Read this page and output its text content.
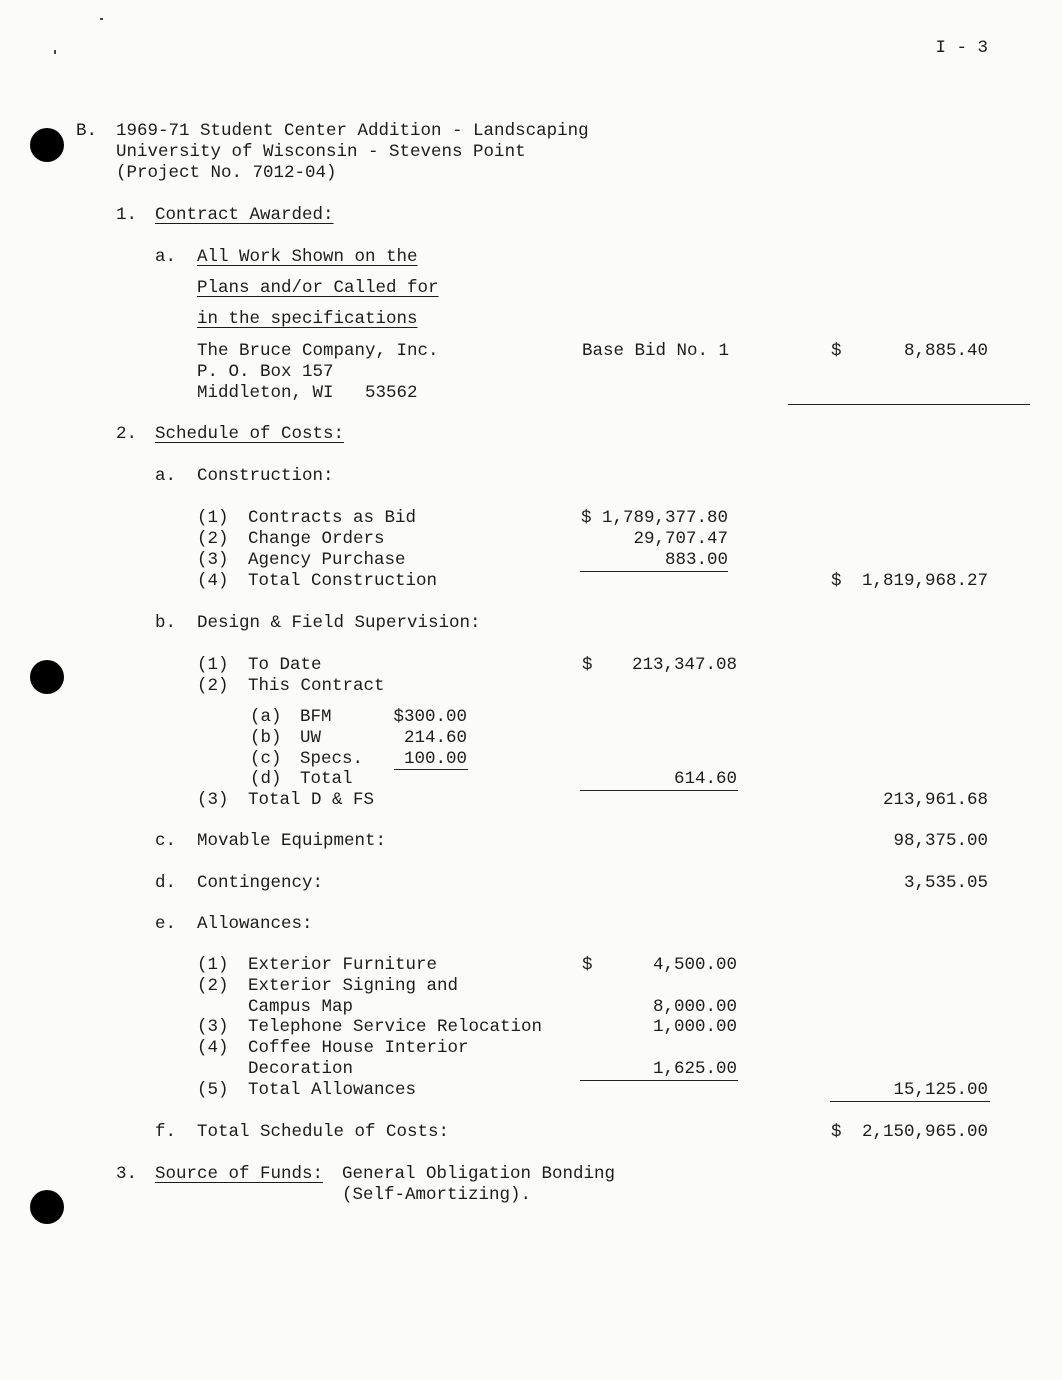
I - 3
B. 1969-71 Student Center Addition - Landscaping
University of Wisconsin - Stevens Point
(Project No. 7012-04)
1. Contract Awarded:
a. All Work Shown on the
Plans and/or Called for
in the specifications
The Bruce Company, Inc.
P. O. Box 157
Middleton, WI   53562
Base Bid No. 1	$	8,885.40
2. Schedule of Costs:
a. Construction:
(1) Contracts as Bid	$ 1,789,377.80
(2) Change Orders	29,707.47
(3) Agency Purchase	883.00
(4) Total Construction	$ 1,819,968.27
b. Design & Field Supervision:
(1) To Date	$ 213,347.08
(2) This Contract
(a) BFM	$300.00
(b) UW	214.60
(c) Specs. 100.00
(d) Total	614.60
(3) Total D & FS	213,961.68
c. Movable Equipment:	98,375.00
d. Contingency:	3,535.05
e. Allowances:
(1) Exterior Furniture	$	4,500.00
(2) Exterior Signing and
Campus Map	8,000.00
(3) Telephone Service Relocation	1,000.00
(4) Coffee House Interior
Decoration	1,625.00
(5) Total Allowances	15,125.00
f. Total Schedule of Costs:	$ 2,150,965.00
3. Source of Funds: General Obligation Bonding
(Self-Amortizing).
